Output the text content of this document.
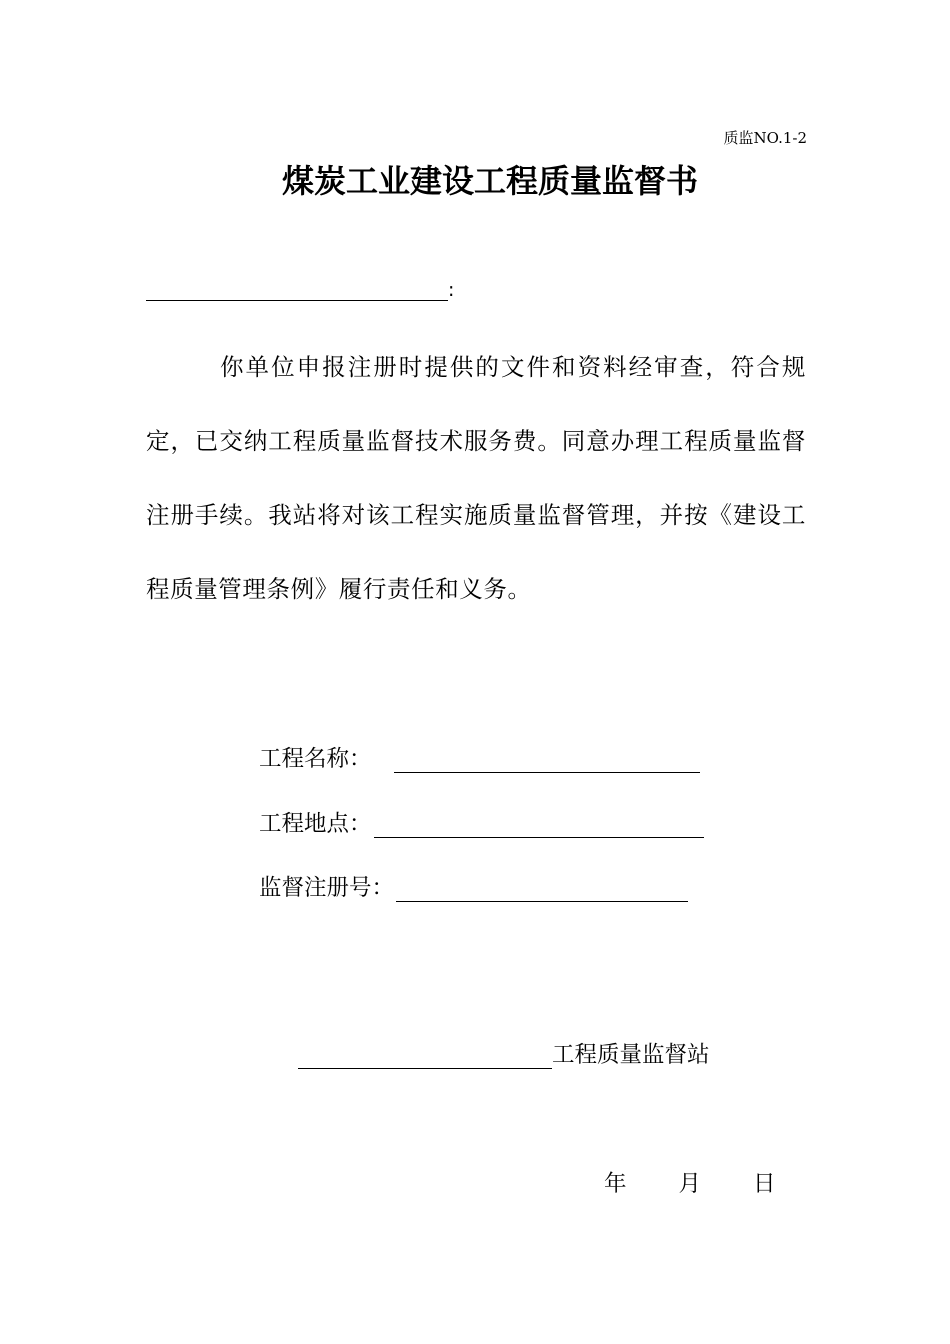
质监NO.1-2
煤炭工业建设工程质量监督书
:
你单位申报注册时提供的文件和资料经审查，符合规定，已交纳工程质量监督技术服务费。同意办理工程质量监督注册手续。我站将对该工程实施质量监督管理，并按《建设工程质量管理条例》履行责任和义务。
工程名称：
工程地点：
监督注册号：
工程质量监督站
年 月 日
